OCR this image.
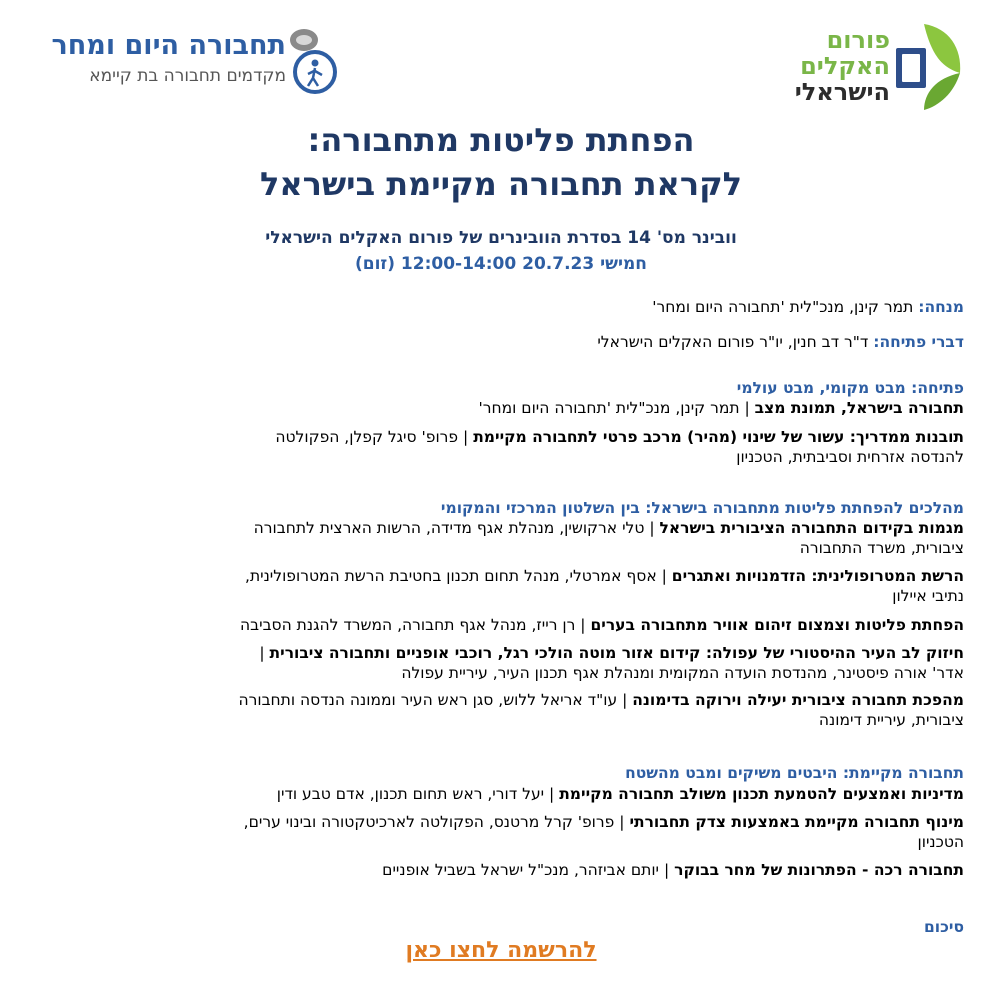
פורום
האקלים
הישראלי
תחבורה היום ומחר
מקדמים תחבורה בת קיימא
הפחתת פליטות מתחבורה:
לקראת תחבורה מקיימת בישראל
וובינר מס' 14 בסדרת הוובינרים של פורום האקלים הישראלי
חמישי 20.7.23 12:00-14:00 (זום)
מנחה: תמר קינן, מנכ"לית 'תחבורה היום ומחר'
דברי פתיחה: ד"ר דב חנין, יו"ר פורום האקלים הישראלי
פתיחה: מבט מקומי, מבט עולמי
תחבורה בישראל, תמונת מצב | תמר קינן, מנכ"לית 'תחבורה היום ומחר'
תובנות ממדריך: עשור של שינוי (מהיר) מרכב פרטי לתחבורה מקיימת | פרופ' סיגל קפלן, הפקולטה
להנדסה אזרחית וסביבתית, הטכניון
מהלכים להפחתת פליטות מתחבורה בישראל: בין השלטון המרכזי והמקומי
מגמות בקידום התחבורה הציבורית בישראל | טלי ארקושין, מנהלת אגף מדידה, הרשות הארצית לתחבורה
ציבורית, משרד התחבורה
הרשת המטרופולינית: הזדמנויות ואתגרים | אסף אמרטלי, מנהל תחום תכנון בחטיבת הרשת המטרופולינית,
נתיבי איילון
הפחתת פליטות וצמצום זיהום אוויר מתחבורה בערים | רן רייז, מנהל אגף תחבורה, המשרד להגנת הסביבה
חיזוק לב העיר ההיסטורי של עפולה: קידום אזור מוטה הולכי רגל, רוכבי אופניים ותחבורה ציבורית |
אדר' אורה פיסטינר, מהנדסת הועדה המקומית ומנהלת אגף תכנון העיר, עיריית עפולה
מהפכת תחבורה ציבורית יעילה וירוקה בדימונה | עו"ד אריאל ללוש, סגן ראש העיר וממונה הנדסה ותחבורה
ציבורית, עיריית דימונה
תחבורה מקיימת: היבטים משיקים ומבט מהשטח
מדיניות ואמצעים להטמעת תכנון משולב תחבורה מקיימת | יעל דורי, ראש תחום תכנון, אדם טבע ודין
מינוף תחבורה מקיימת באמצעות צדק תחבורתי | פרופ' קרל מרטנס, הפקולטה לארכיטקטורה ובינוי ערים,
הטכניון
תחבורה רכה - הפתרונות של מחר בבוקר | יותם אביזהר, מנכ"ל ישראל בשביל אופניים
סיכום
להרשמה לחצו כאן
